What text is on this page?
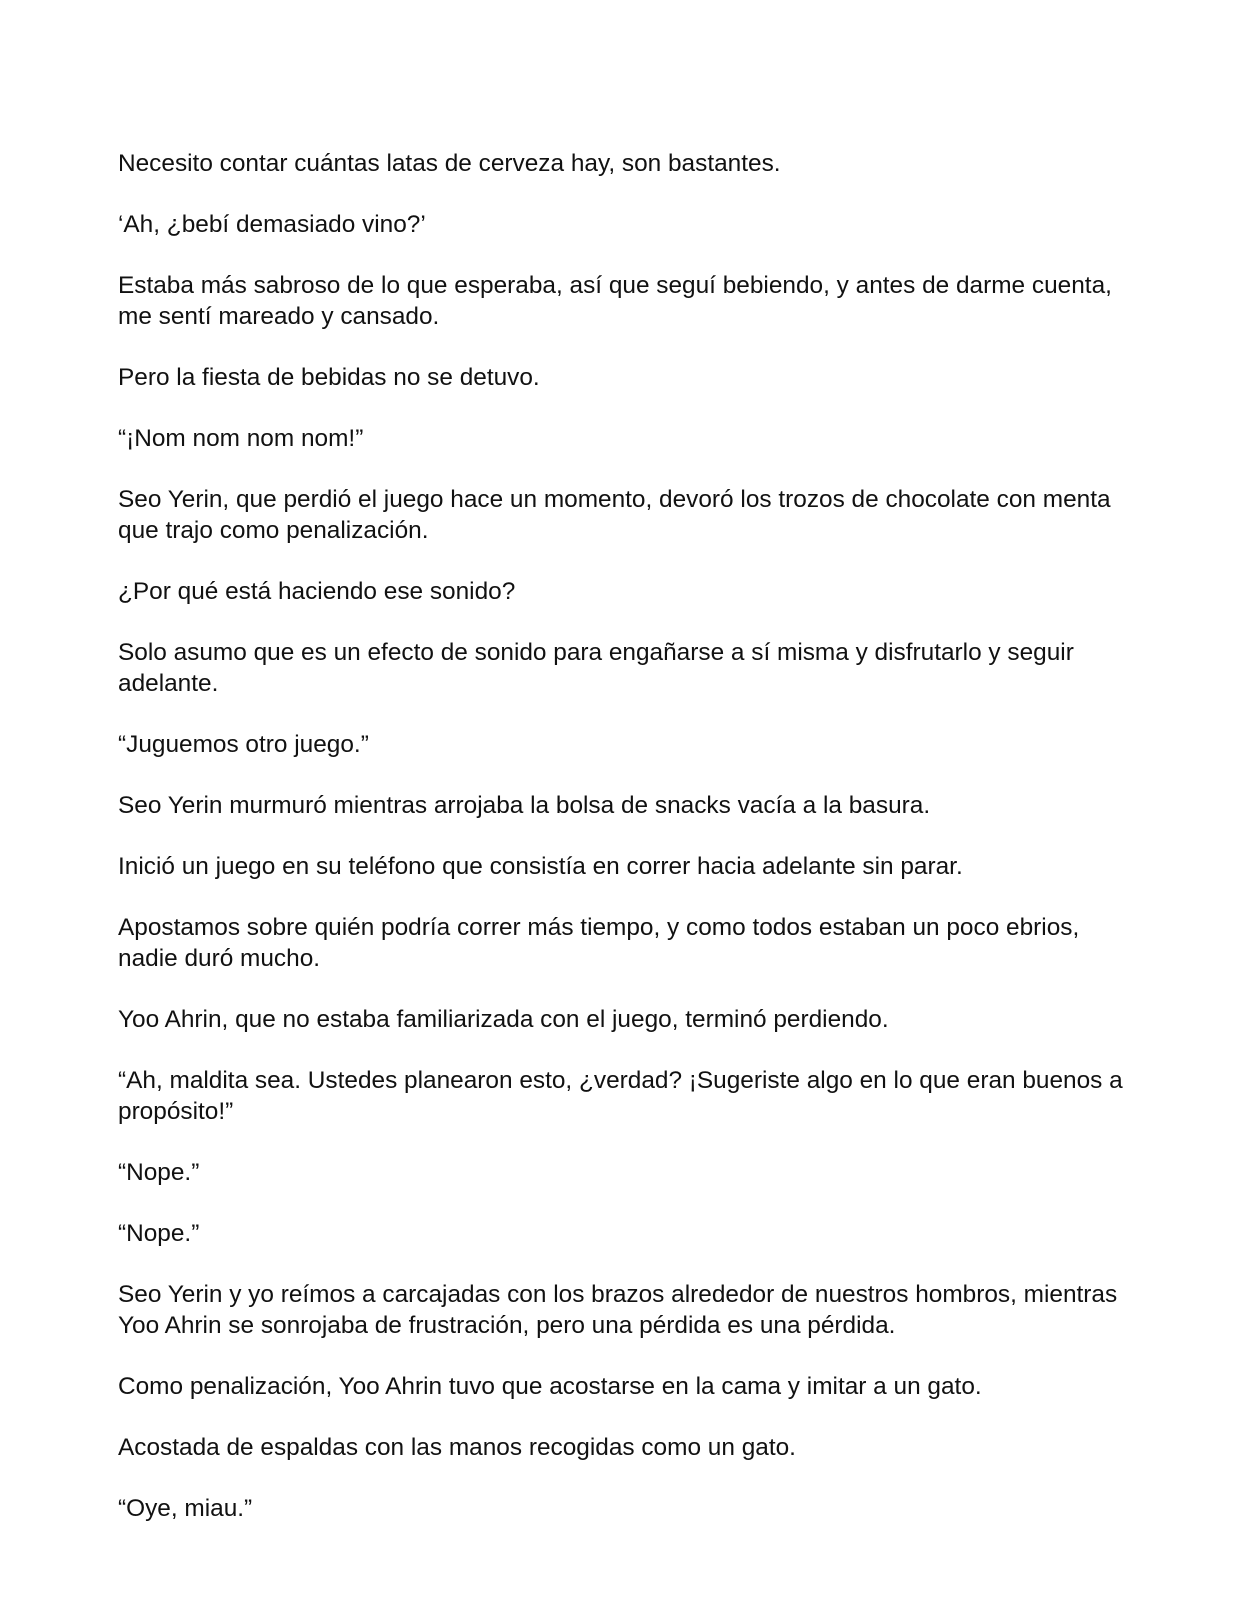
Necesito contar cuántas latas de cerveza hay, son bastantes.

‘Ah, ¿bebí demasiado vino?’

Estaba más sabroso de lo que esperaba, así que seguí bebiendo, y antes de darme cuenta, me sentí mareado y cansado.

Pero la fiesta de bebidas no se detuvo.

“¡Nom nom nom nom!”

Seo Yerin, que perdió el juego hace un momento, devoró los trozos de chocolate con menta que trajo como penalización.

¿Por qué está haciendo ese sonido?

Solo asumo que es un efecto de sonido para engañarse a sí misma y disfrutarlo y seguir adelante.

“Juguemos otro juego.”

Seo Yerin murmuró mientras arrojaba la bolsa de snacks vacía a la basura.

Inició un juego en su teléfono que consistía en correr hacia adelante sin parar.

Apostamos sobre quién podría correr más tiempo, y como todos estaban un poco ebrios, nadie duró mucho.

Yoo Ahrin, que no estaba familiarizada con el juego, terminó perdiendo.

“Ah, maldita sea. Ustedes planearon esto, ¿verdad? ¡Sugeriste algo en lo que eran buenos a propósito!”

“Nope.”

“Nope.”

Seo Yerin y yo reímos a carcajadas con los brazos alrededor de nuestros hombros, mientras Yoo Ahrin se sonrojaba de frustración, pero una pérdida es una pérdida.

Como penalización, Yoo Ahrin tuvo que acostarse en la cama y imitar a un gato.

Acostada de espaldas con las manos recogidas como un gato.

“Oye, miau.”
